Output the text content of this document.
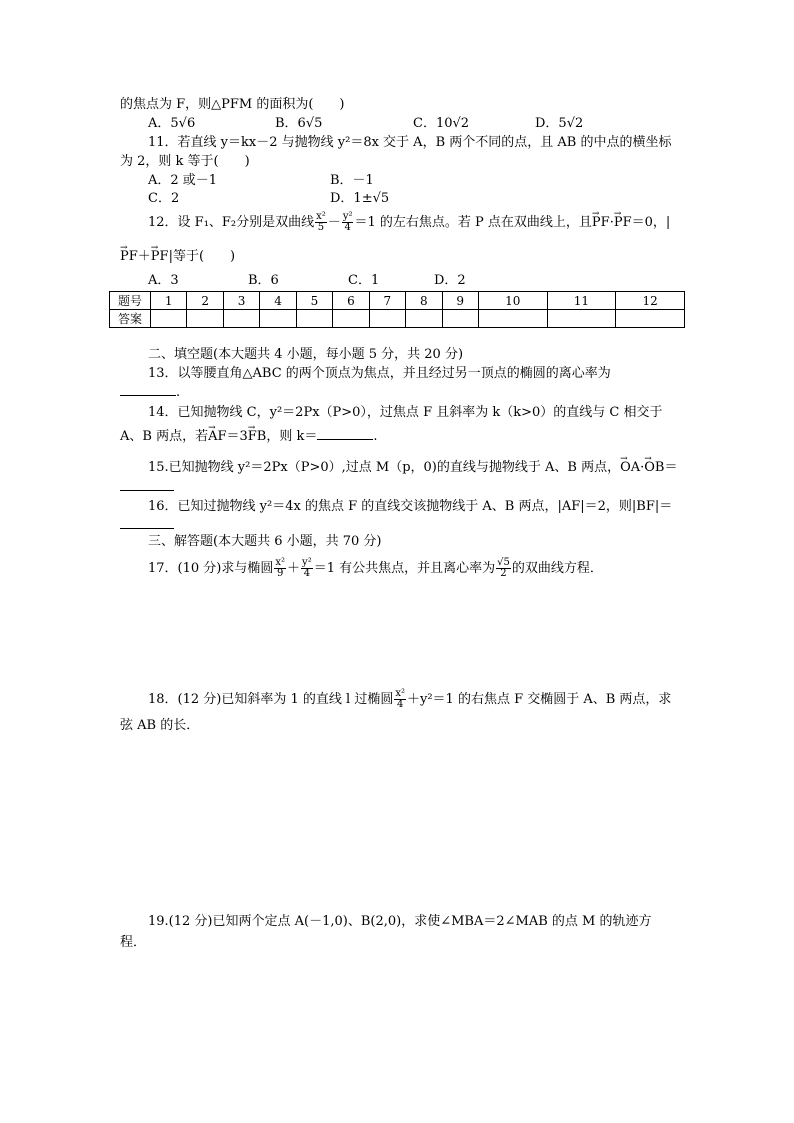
的焦点为 F，则△PFM 的面积为(　　)
A．5√6	B．6√5	C．10√2	D．5√2
11．若直线 y＝kx－2 与抛物线 y²＝8x 交于 A，B 两个不同的点，且 AB 的中点的横坐标
为 2，则 k 等于(　　)
A．2 或－1	B．－1
C．2	D．1±√5
12．设 F₁、F₂分别是双曲线 $\frac{\text{x²}}{5} - \frac{\text{y²}}{4} =1$ 的左右焦点。若 P 点在双曲线上，且→ PF·→ PF＝0，|
→ PF＋→ PF|等于(　　)
A．3	B．6	C．1	D．2
题号	1	2	3	4	5	6	7	8	9	10	11	12
答案												
二、填空题(本大题共 4 小题，每小题 5 分，共 20 分)
13．以等腰直角△ABC 的两个顶点为焦点，并且经过另一顶点的椭圆的离心率为
.
14．已知抛物线 C，y²＝2Px（P>0），过焦点 F 且斜率为 k（k>0）的直线与 C 相交于
A、B 两点，若→ AF＝3→ FB，则 k＝	.
15.已知抛物线 y²＝2Px（P>0）,过点 M（p，0)的直线与抛物线于 A、B 两点，→ OA·→ OB＝
16．已知过抛物线 y²＝4x 的焦点 F 的直线交该抛物线于 A、B 两点，|AF|＝2，则|BF|＝
三、解答题(本大题共 6 小题，共 70 分)
17．(10 分)求与椭圆 $\frac{\text{x²}}{9} + \frac{\text{y²}}{4} =1$ 有公共焦点，并且离心率为 $\frac{√5}{2}$ 的双曲线方程．
18．(12 分)已知斜率为 1 的直线 l 过椭圆 $\frac{\text{x²}}{4} +y^2=1$ 的右焦点 F 交椭圆于 A、B 两点，求
弦 AB 的长．
19.(12 分)已知两个定点 A(－1,0)、B(2,0)，求使∠MBA＝2∠MAB 的点 M 的轨迹方
程．
